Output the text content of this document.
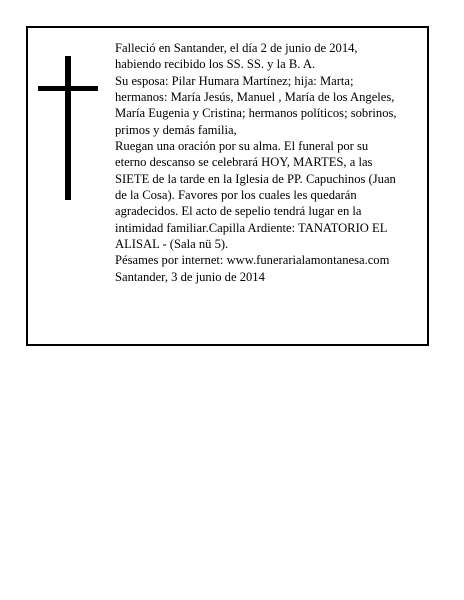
Falleció en Santander, el día 2 de junio de 2014,
habiendo recibido los SS. SS. y la B. A.
Su esposa: Pilar Humara Martínez; hija: Marta;
hermanos: María Jesús, Manuel , María de los Angeles,
María Eugenia y Cristina; hermanos políticos; sobrinos,
primos y demás familia,
Ruegan una oración por su alma. El funeral por su
eterno descanso se celebrará HOY, MARTES, a las
SIETE de la tarde en la Iglesia de PP. Capuchinos (Juan
de la Cosa). Favores por los cuales les quedarán
agradecidos. El acto de sepelio tendrá lugar en la
intimidad familiar.Capilla Ardiente: TANATORIO EL
ALISAL - (Sala nü 5).
Pésames por internet: www.funerarialamontanesa.com
Santander, 3 de junio de 2014
